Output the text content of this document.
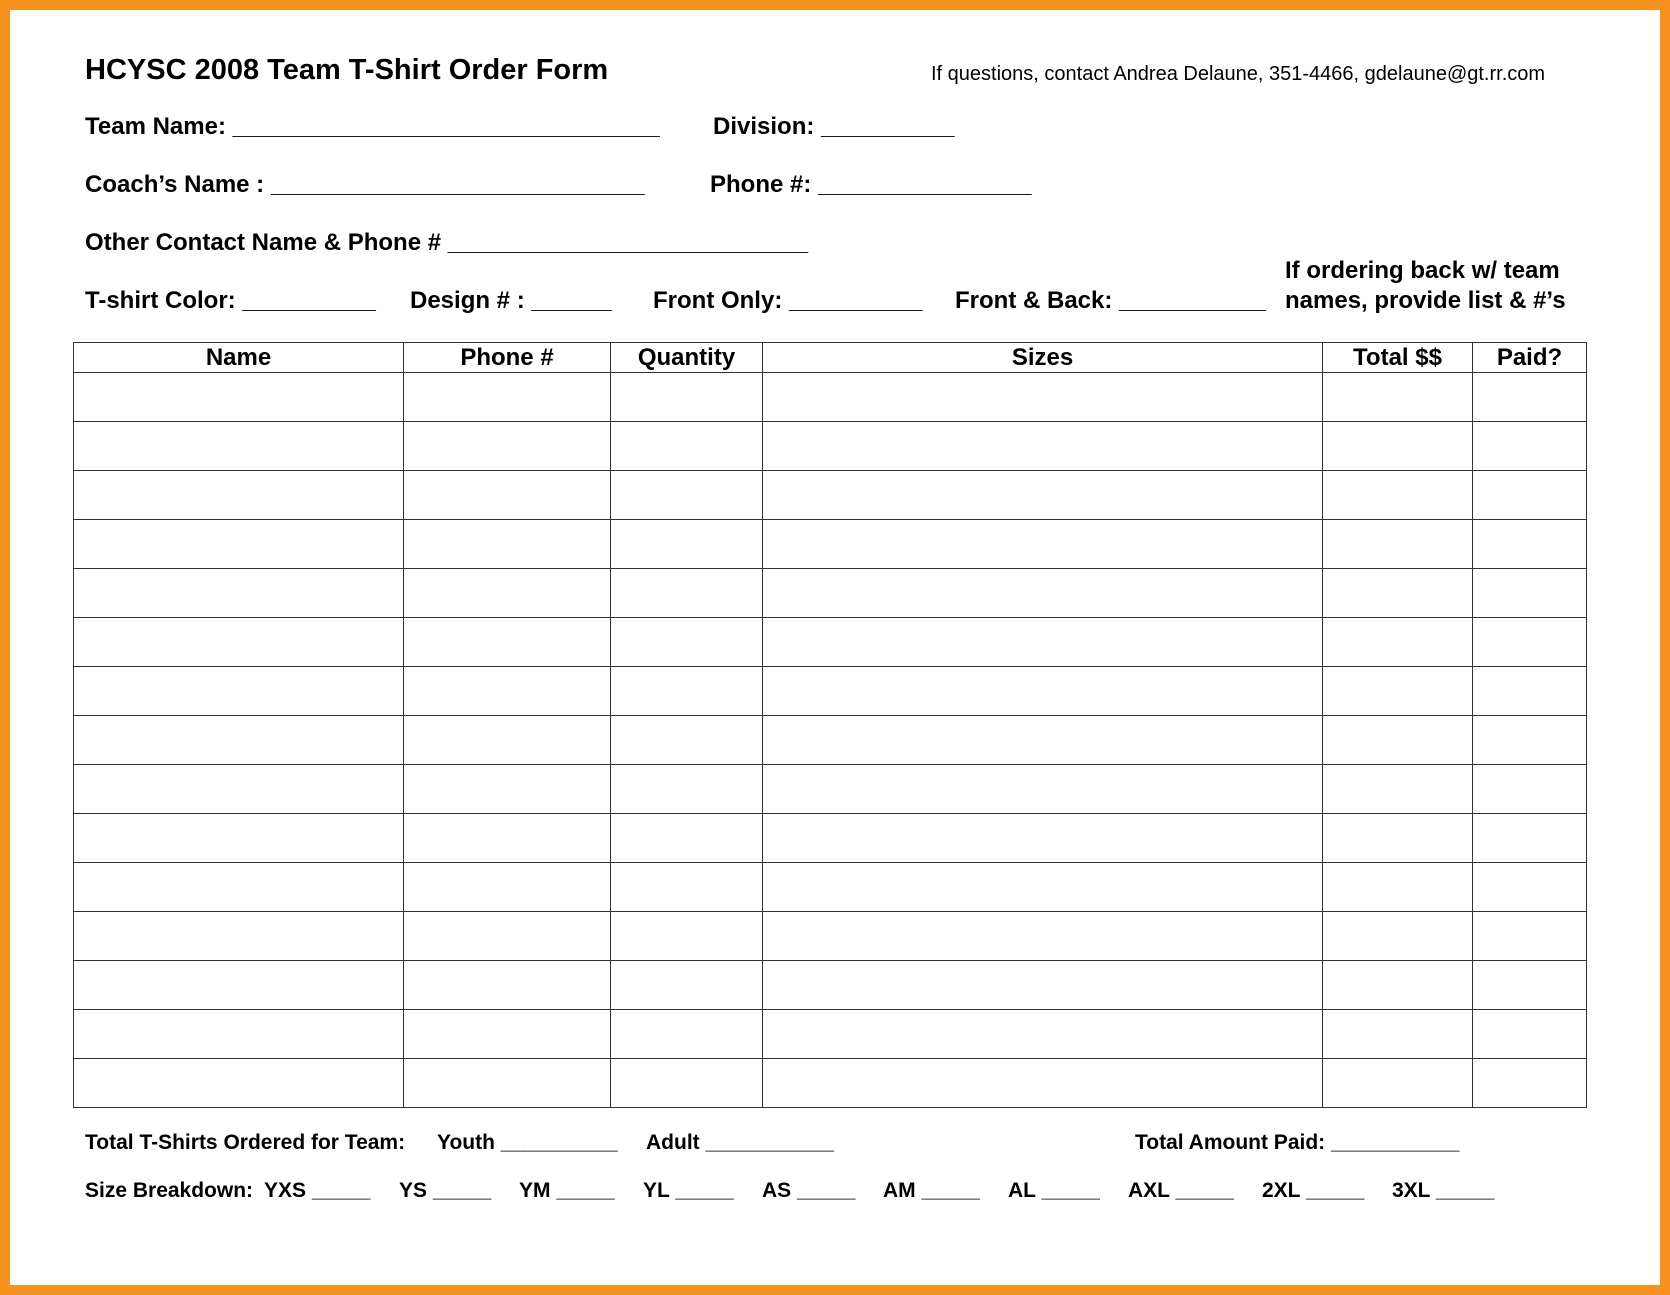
HCYSC 2008 Team T-Shirt Order Form	If questions, contact Andrea Delaune, 351-4466, gdelaune@gt.rr.com
Team Name: ________________________________ Division: __________
Coach’s Name : ____________________________	Phone #: ________________
Other Contact Name & Phone # ___________________________
T-shirt Color: __________ Design # : ______ Front Only: __________ Front & Back: ___________
If ordering back w/ team
names, provide list & #’s
Name	Phone #	Quantity	Sizes	Total $$	Paid?

Total T-Shirts Ordered for Team: Youth __________ Adult ___________	Total Amount Paid: ___________
Size Breakdown: YXS _____ YS _____ YM _____ YL _____ AS _____ AM _____ AL _____ AXL _____ 2XL _____ 3XL _____
